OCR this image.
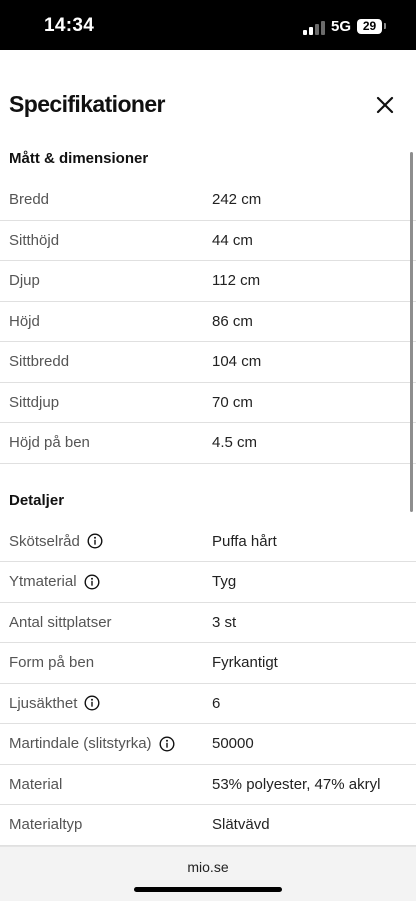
14:34	5G 29
Specifikationer
Mått & dimensioner
Bredd	242 cm
Sitthöjd	44 cm
Djup	112 cm
Höjd	86 cm
Sittbredd	104 cm
Sittdjup	70 cm
Höjd på ben	4.5 cm
Detaljer
Skötselråd	Puffa hårt
Ytmaterial	Tyg
Antal sittplatser	3 st
Form på ben	Fyrkantigt
Ljusäkthet	6
Martindale (slitstyrka)	50000
Material	53% polyester, 47% akryl
Materialtyp	Slätvävd
mio.se
